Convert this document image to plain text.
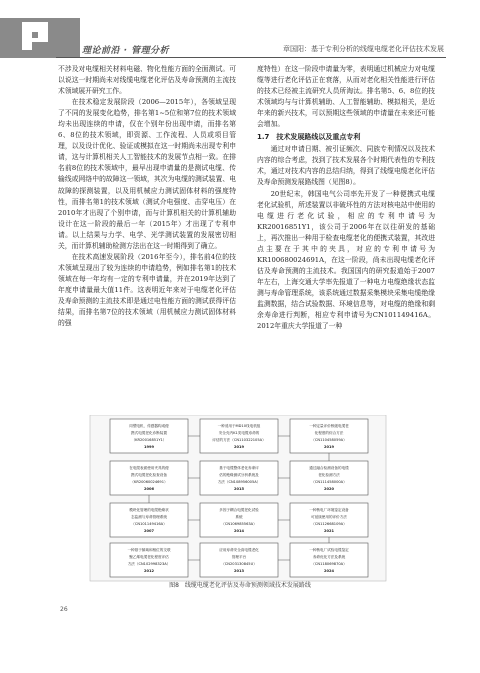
理论前沿 · 管理分析	章国阳：基于专利分析的线缆电缆老化评估技术发展

不涉及对电缆相关材料电磁、物化性能方面的全面测试。可以说这一时期尚未对线缆电缆老化评估及寿命预测的主流技术领域展开研究工作。

在技术稳定发展阶段（2006—2015年），各领域呈现了不同的发展变化趋势，排名第1~5位和第7位的技术领域均未出现连续的申请，仅在个别年份出现申请，而排名第6、8位的技术领域，即资源、工作流程、人员或项目管理，以及设计优化、验证或模拟在这一时期尚未出现专利申请，这与计算机相关人工智能技术的发展节点相一致。在排名前8位的技术领域中，最早出现申请量的是测试电缆、传输线或网络中的故障这一领域，其次为电缆的测试装置、电故障的探测装置，以及用机械应力测试固体材料的强度特性，而排名第1的技术领域（测试介电强度、击穿电压）在2010年才出现了个别申请，而与计算机相关的计算机辅助设计在这一阶段的最后一年（2015年）才出现了专利申请。以上结果与力学、电学、光学测试装置的发展密切相关，而计算机辅助检测方法出在这一时期得到了确立。

在技术高速发展阶段（2016年至今），排名前4位的技术领域呈现出了较为连续的申请趋势，例如排名第1的技术领域在每一年均有一定的专利申请量，并在2019年达到了年度申请量最大值11件。这表明近年来对于电缆老化评估及寿命预测的主流技术即是通过电性能方面的测试获得评估结果，而排名第7位的技术领域（用机械应力测试固体材料的强

度特性）在这一阶段申请量为零，表明通过机械应力对电缆缆等进行老化评估正在衰落，从而对老化相关性能进行评估的技术已经被主流研究人员所淘汰。排名第5、6、8位的技术领域均与与计算机辅助、人工智能辅助、模拟相关，是近年来的新兴技术，可以预期这些领域的申请量在未来还可能会增加。

1.7　技术发展路线以及重点专利

通过对申请日期、被引证频次、同族专利情况以及技术内容的综合考虑，找到了技术发展各个时期代表性的专利技术，通过对技术内容的总结归纳，得到了线缆电缆老化评估及寿命预测发展路线图（见图8）。

20世纪末，韩国电气公司率先开发了一种便携式电缆老化试验机，所述装置以非破坏性的方法对核电站中使用的电缆进行老化试验，相应的专利申请号为KR20016851Y1，该公司于2006年在以往研发的基础上，再次推出一种用于检查电缆老化的便携式装置，其改进点主要在于其中的夹具，对应的专利申请号为KR100680024691A，在这一阶段，尚未出现电缆老化评估及寿命预测的主流技术。我国国内的研究报道始于2007年左右，上海交通大学率先报道了一种电力电缆绝缘状态监测与寿命管理系统，该系统通过数据采集模块采集电缆绝缘监测数据，结合试验数据、环境信息等，对电缆的绝缘和剩余寿命进行判断，相应专利申请号为CN101149416A。2012年重庆大学报道了一种

同塑电机、传感器构成便
携式电缆老化诊断装置
（KR20016851Y1）
1999
一种适用于MD10线电机组
安全壳内K1类电缆寿命的
评估的方法（CN110322105A）
2019
一种定量评价核级电缆老
化程度的综合方法
（CN110458059A）
2019
在电缆表面使用夹具的便
携式电缆老化检查设备
（KR20060024691）
2006
基于电缆整体老化寿命评
估的绝缘测试分析系统及
方法（CN108956005A）
2015
通过融合检测设备的电缆
老化检测方法
（CN111458000A）
2020
模块化管理的电缆绝缘状
态监测与寿命管理系统
（CN101149416A）
2007
多因子耦合电缆老化试验
系统
（CN106985563A）
2014
一种核电厂环境鉴定设备
可延续使用的评价方法
（CN112668109A）
2021
一种基于频域和相位的交联
聚乙烯电缆老化程度评估
方法（CN102998323A）
2012
应用寿命安全高电缆老化
管理平台
（CN203130845U）
2013
一种核电厂试验电缆鉴定
寿命优化方法及系统
（CN118069870A）
2024
图8　线缆电缆老化评估及寿命预测领域技术发展路线
26
